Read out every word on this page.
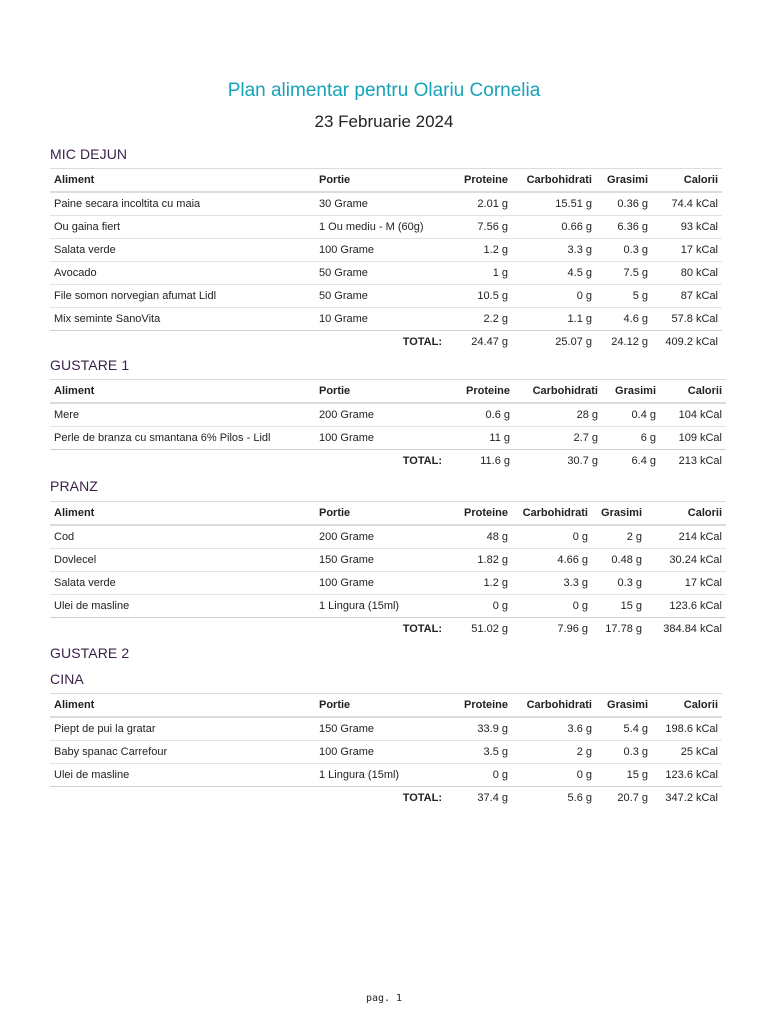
Plan alimentar pentru Olariu Cornelia
23 Februarie 2024
MIC DEJUN
Aliment	Portie	Proteine	Carbohidrati	Grasimi	Calorii
Paine secara incoltita cu maia	30 Grame	2.01 g	15.51 g	0.36 g	74.4 kCal
Ou gaina fiert	1 Ou mediu - M (60g)	7.56 g	0.66 g	6.36 g	93 kCal
Salata verde	100 Grame	1.2 g	3.3 g	0.3 g	17 kCal
Avocado	50 Grame	1 g	4.5 g	7.5 g	80 kCal
File somon norvegian afumat Lidl	50 Grame	10.5 g	0 g	5 g	87 kCal
Mix seminte SanoVita	10 Grame	2.2 g	1.1 g	4.6 g	57.8 kCal
	TOTAL:	24.47 g	25.07 g	24.12 g	409.2 kCal
GUSTARE 1
Aliment	Portie	Proteine	Carbohidrati	Grasimi	Calorii
Mere	200 Grame	0.6 g	28 g	0.4 g	104 kCal
Perle de branza cu smantana 6% Pilos - Lidl	100 Grame	11 g	2.7 g	6 g	109 kCal
	TOTAL:	11.6 g	30.7 g	6.4 g	213 kCal
PRANZ
Aliment	Portie	Proteine	Carbohidrati	Grasimi	Calorii
Cod	200 Grame	48 g	0 g	2 g	214 kCal
Dovlecel	150 Grame	1.82 g	4.66 g	0.48 g	30.24 kCal
Salata verde	100 Grame	1.2 g	3.3 g	0.3 g	17 kCal
Ulei de masline	1 Lingura (15ml)	0 g	0 g	15 g	123.6 kCal
	TOTAL:	51.02 g	7.96 g	17.78 g	384.84 kCal
GUSTARE 2
CINA
Aliment	Portie	Proteine	Carbohidrati	Grasimi	Calorii
Piept de pui la gratar	150 Grame	33.9 g	3.6 g	5.4 g	198.6 kCal
Baby spanac Carrefour	100 Grame	3.5 g	2 g	0.3 g	25 kCal
Ulei de masline	1 Lingura (15ml)	0 g	0 g	15 g	123.6 kCal
	TOTAL:	37.4 g	5.6 g	20.7 g	347.2 kCal
pag. 1
